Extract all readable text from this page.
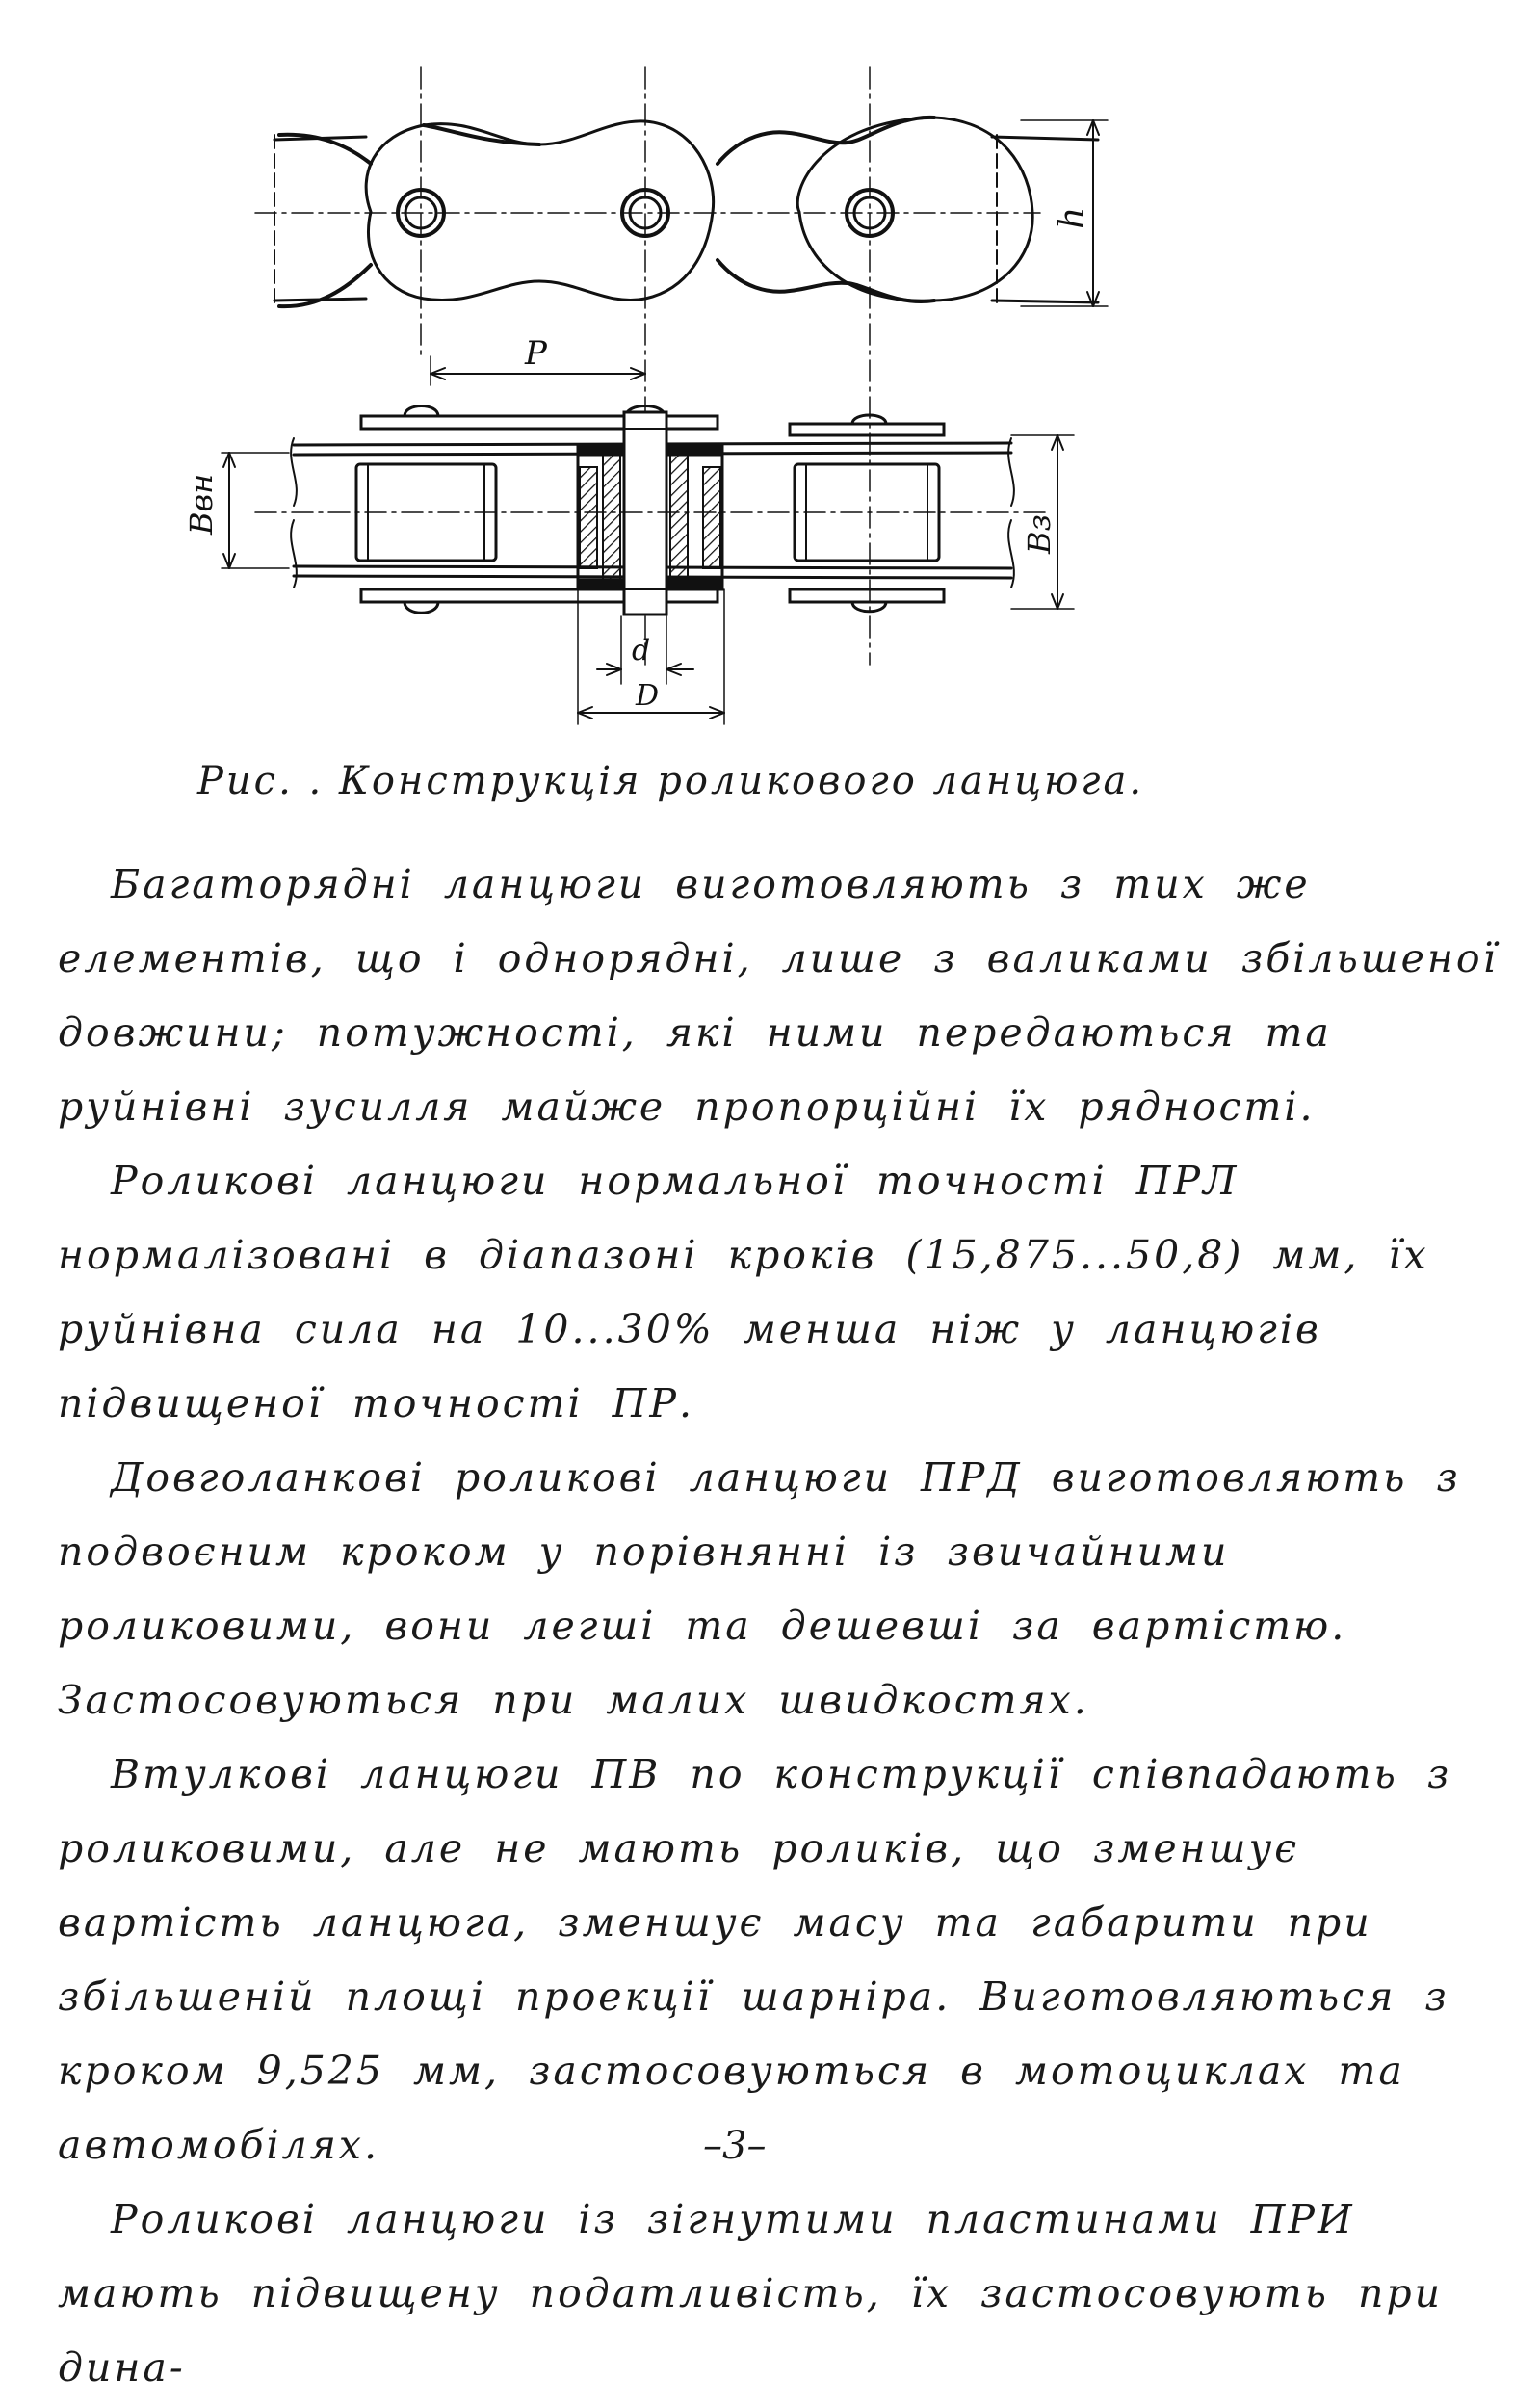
h
P
Bвн	Bз
d
D
Рис. . Конструкція роликового ланцюга.

Багаторядні ланцюги виготовляють з тих же елементів, що і однорядні, лише з валиками збільшеної довжини; потужності, які ними передаються та руйнівні зусилля майже пропорційні їх рядності.

Роликові ланцюги нормальної точності ПРЛ нормалізовані в діапазоні кроків (15,875...50,8) мм, їх руйнівна сила на 10...30% менша ніж у ланцюгів підвищеної точності ПР.

Довголанкові роликові ланцюги ПРД виготовляють з подвоєним кроком у порівнянні із звичайними роликовими, вони легші та дешевші за вартістю. Застосовуються при малих швидкостях.

Втулкові ланцюги ПВ по конструкції співпадають з роликовими, але не мають роликів, що зменшує вартість ланцюга, зменшує масу та габарити при збільшеній площі проекції шарніра. Виготовляються з кроком 9,525 мм, застосовуються в мотоциклах та автомобілях.

Роликові ланцюги із зігнутими пластинами ПРИ мають підвищену податливість, їх застосовують при дина-

–3–
